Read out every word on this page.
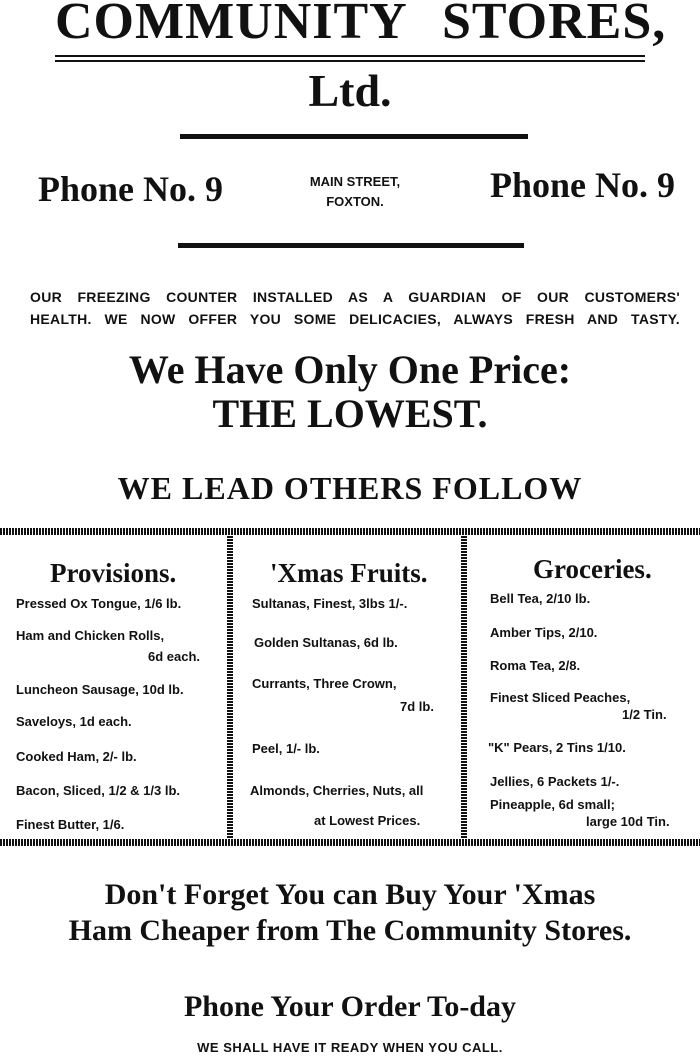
COMMUNITY STORES,
Ltd.
Phone No. 9	MAIN STREET,
FOXTON.	Phone No. 9
OUR FREEZING COUNTER INSTALLED AS A GUARDIAN OF OUR CUSTOMERS'
HEALTH. WE NOW OFFER YOU SOME DELICACIES, ALWAYS FRESH AND TASTY.
We Have Only One Price:
THE LOWEST.
WE LEAD OTHERS FOLLOW
Provisions.
Pressed Ox Tongue, 1/6 lb.
Ham and Chicken Rolls,
6d each.
Luncheon Sausage, 10d lb.
Saveloys, 1d each.
Cooked Ham, 2/- lb.
Bacon, Sliced, 1/2 & 1/3 lb.
Finest Butter, 1/6.
'Xmas Fruits.
Sultanas, Finest, 3lbs 1/-.
Golden Sultanas, 6d lb.
Currants, Three Crown,
7d lb.
Peel, 1/- lb.
Almonds, Cherries, Nuts, all
at Lowest Prices.
Groceries.
Bell Tea, 2/10 lb.
Amber Tips, 2/10.
Roma Tea, 2/8.
Finest Sliced Peaches,
1/2 Tin.
"K" Pears, 2 Tins 1/10.
Jellies, 6 Packets 1/-.
Pineapple, 6d small;
large 10d Tin.
Don't Forget You can Buy Your 'Xmas
Ham Cheaper from The Community Stores.
Phone Your Order To-day
WE SHALL HAVE IT READY WHEN YOU CALL.
